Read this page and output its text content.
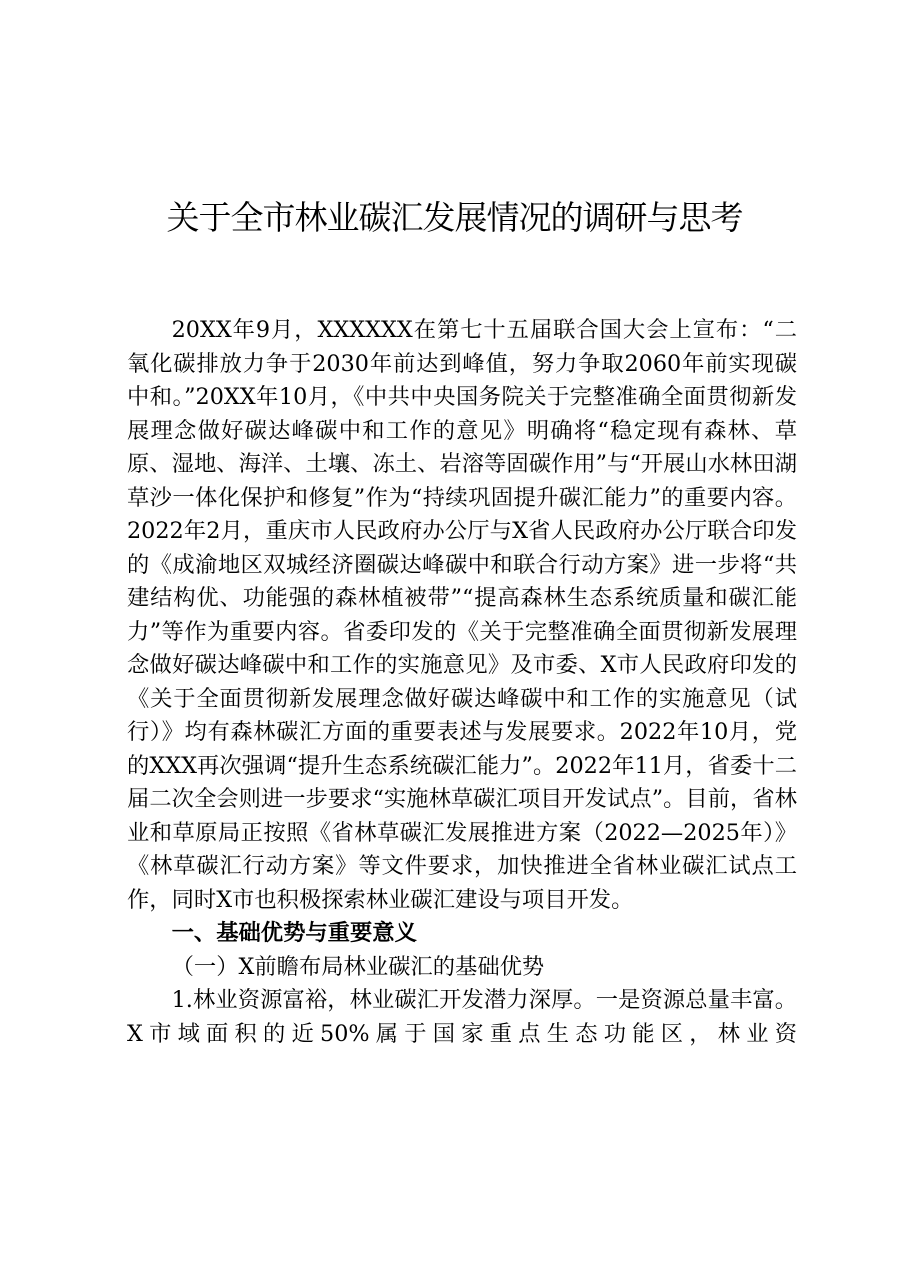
关于全市林业碳汇发展情况的调研与思考

20XX年9月，XXXXXX在第七十五届联合国大会上宣布：“二氧化碳排放力争于2030年前达到峰值，努力争取2060年前实现碳中和。”20XX年10月，《中共中央国务院关于完整准确全面贯彻新发展理念做好碳达峰碳中和工作的意见》明确将“稳定现有森林、草原、湿地、海洋、土壤、冻土、岩溶等固碳作用”与“开展山水林田湖草沙一体化保护和修复”作为“持续巩固提升碳汇能力”的重要内容。2022年2月，重庆市人民政府办公厅与X省人民政府办公厅联合印发的《成渝地区双城经济圈碳达峰碳中和联合行动方案》进一步将“共建结构优、功能强的森林植被带”“提高森林生态系统质量和碳汇能力”等作为重要内容。省委印发的《关于完整准确全面贯彻新发展理念做好碳达峰碳中和工作的实施意见》及市委、X市人民政府印发的《关于全面贯彻新发展理念做好碳达峰碳中和工作的实施意见（试行）》均有森林碳汇方面的重要表述与发展要求。2022年10月，党的XXX再次强调“提升生态系统碳汇能力”。2022年11月，省委十二届二次全会则进一步要求“实施林草碳汇项目开发试点”。目前，省林业和草原局正按照《省林草碳汇发展推进方案（2022—2025年）》《林草碳汇行动方案》等文件要求，加快推进全省林业碳汇试点工作，同时X市也积极探索林业碳汇建设与项目开发。

一、基础优势与重要意义

（一）X前瞻布局林业碳汇的基础优势

1.林业资源富裕，林业碳汇开发潜力深厚。一是资源总量丰富。X市域面积的近50%属于国家重点生态功能区，林业资
